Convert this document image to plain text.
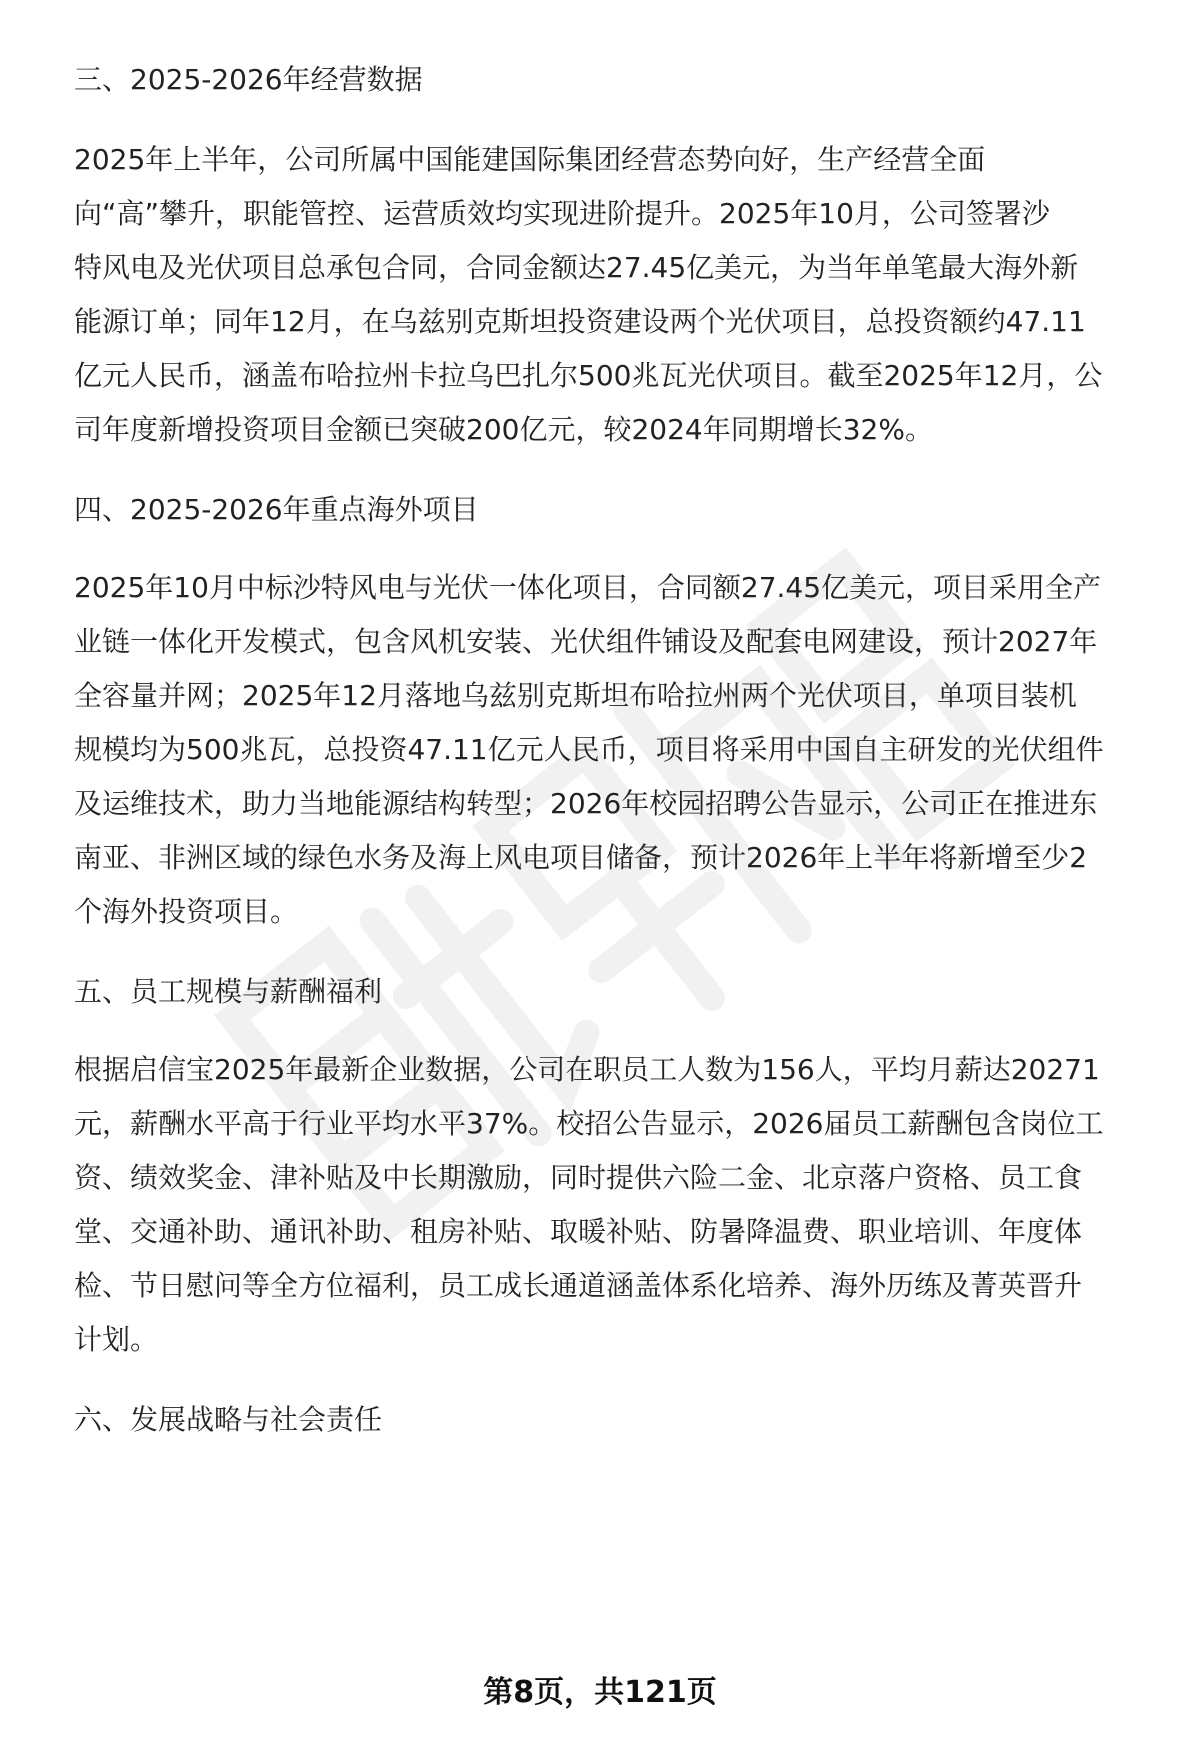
三、2025-2026年经营数据

2025年上半年，公司所属中国能建国际集团经营态势向好，生产经营全面

向“高”攀升，职能管控、运营质效均实现进阶提升。2025年10月，公司签署沙

特风电及光伏项目总承包合同，合同金额达27.45亿美元，为当年单笔最大海外新

能源订单；同年12月，在乌兹别克斯坦投资建设两个光伏项目，总投资额约47.11

亿元人民币，涵盖布哈拉州卡拉乌巴扎尔500兆瓦光伏项目。截至2025年12月，公

司年度新增投资项目金额已突破200亿元，较2024年同期增长32%。

四、2025-2026年重点海外项目

2025年10月中标沙特风电与光伏一体化项目，合同额27.45亿美元，项目采用全产

业链一体化开发模式，包含风机安装、光伏组件铺设及配套电网建设，预计2027年

全容量并网；2025年12月落地乌兹别克斯坦布哈拉州两个光伏项目，单项目装机

规模均为500兆瓦，总投资47.11亿元人民币，项目将采用中国自主研发的光伏组件

及运维技术，助力当地能源结构转型；2026年校园招聘公告显示，公司正在推进东

南亚、非洲区域的绿色水务及海上风电项目储备，预计2026年上半年将新增至少2

个海外投资项目。

五、员工规模与薪酬福利

根据启信宝2025年最新企业数据，公司在职员工人数为156人，平均月薪达20271

元，薪酬水平高于行业平均水平37%。校招公告显示，2026届员工薪酬包含岗位工

资、绩效奖金、津补贴及中长期激励，同时提供六险二金、北京落户资格、员工食

堂、交通补助、通讯补助、租房补贴、取暖补贴、防暑降温费、职业培训、年度体

检、节日慰问等全方位福利，员工成长通道涵盖体系化培养、海外历练及菁英晋升

计划。

六、发展战略与社会责任
第8页，共121页
